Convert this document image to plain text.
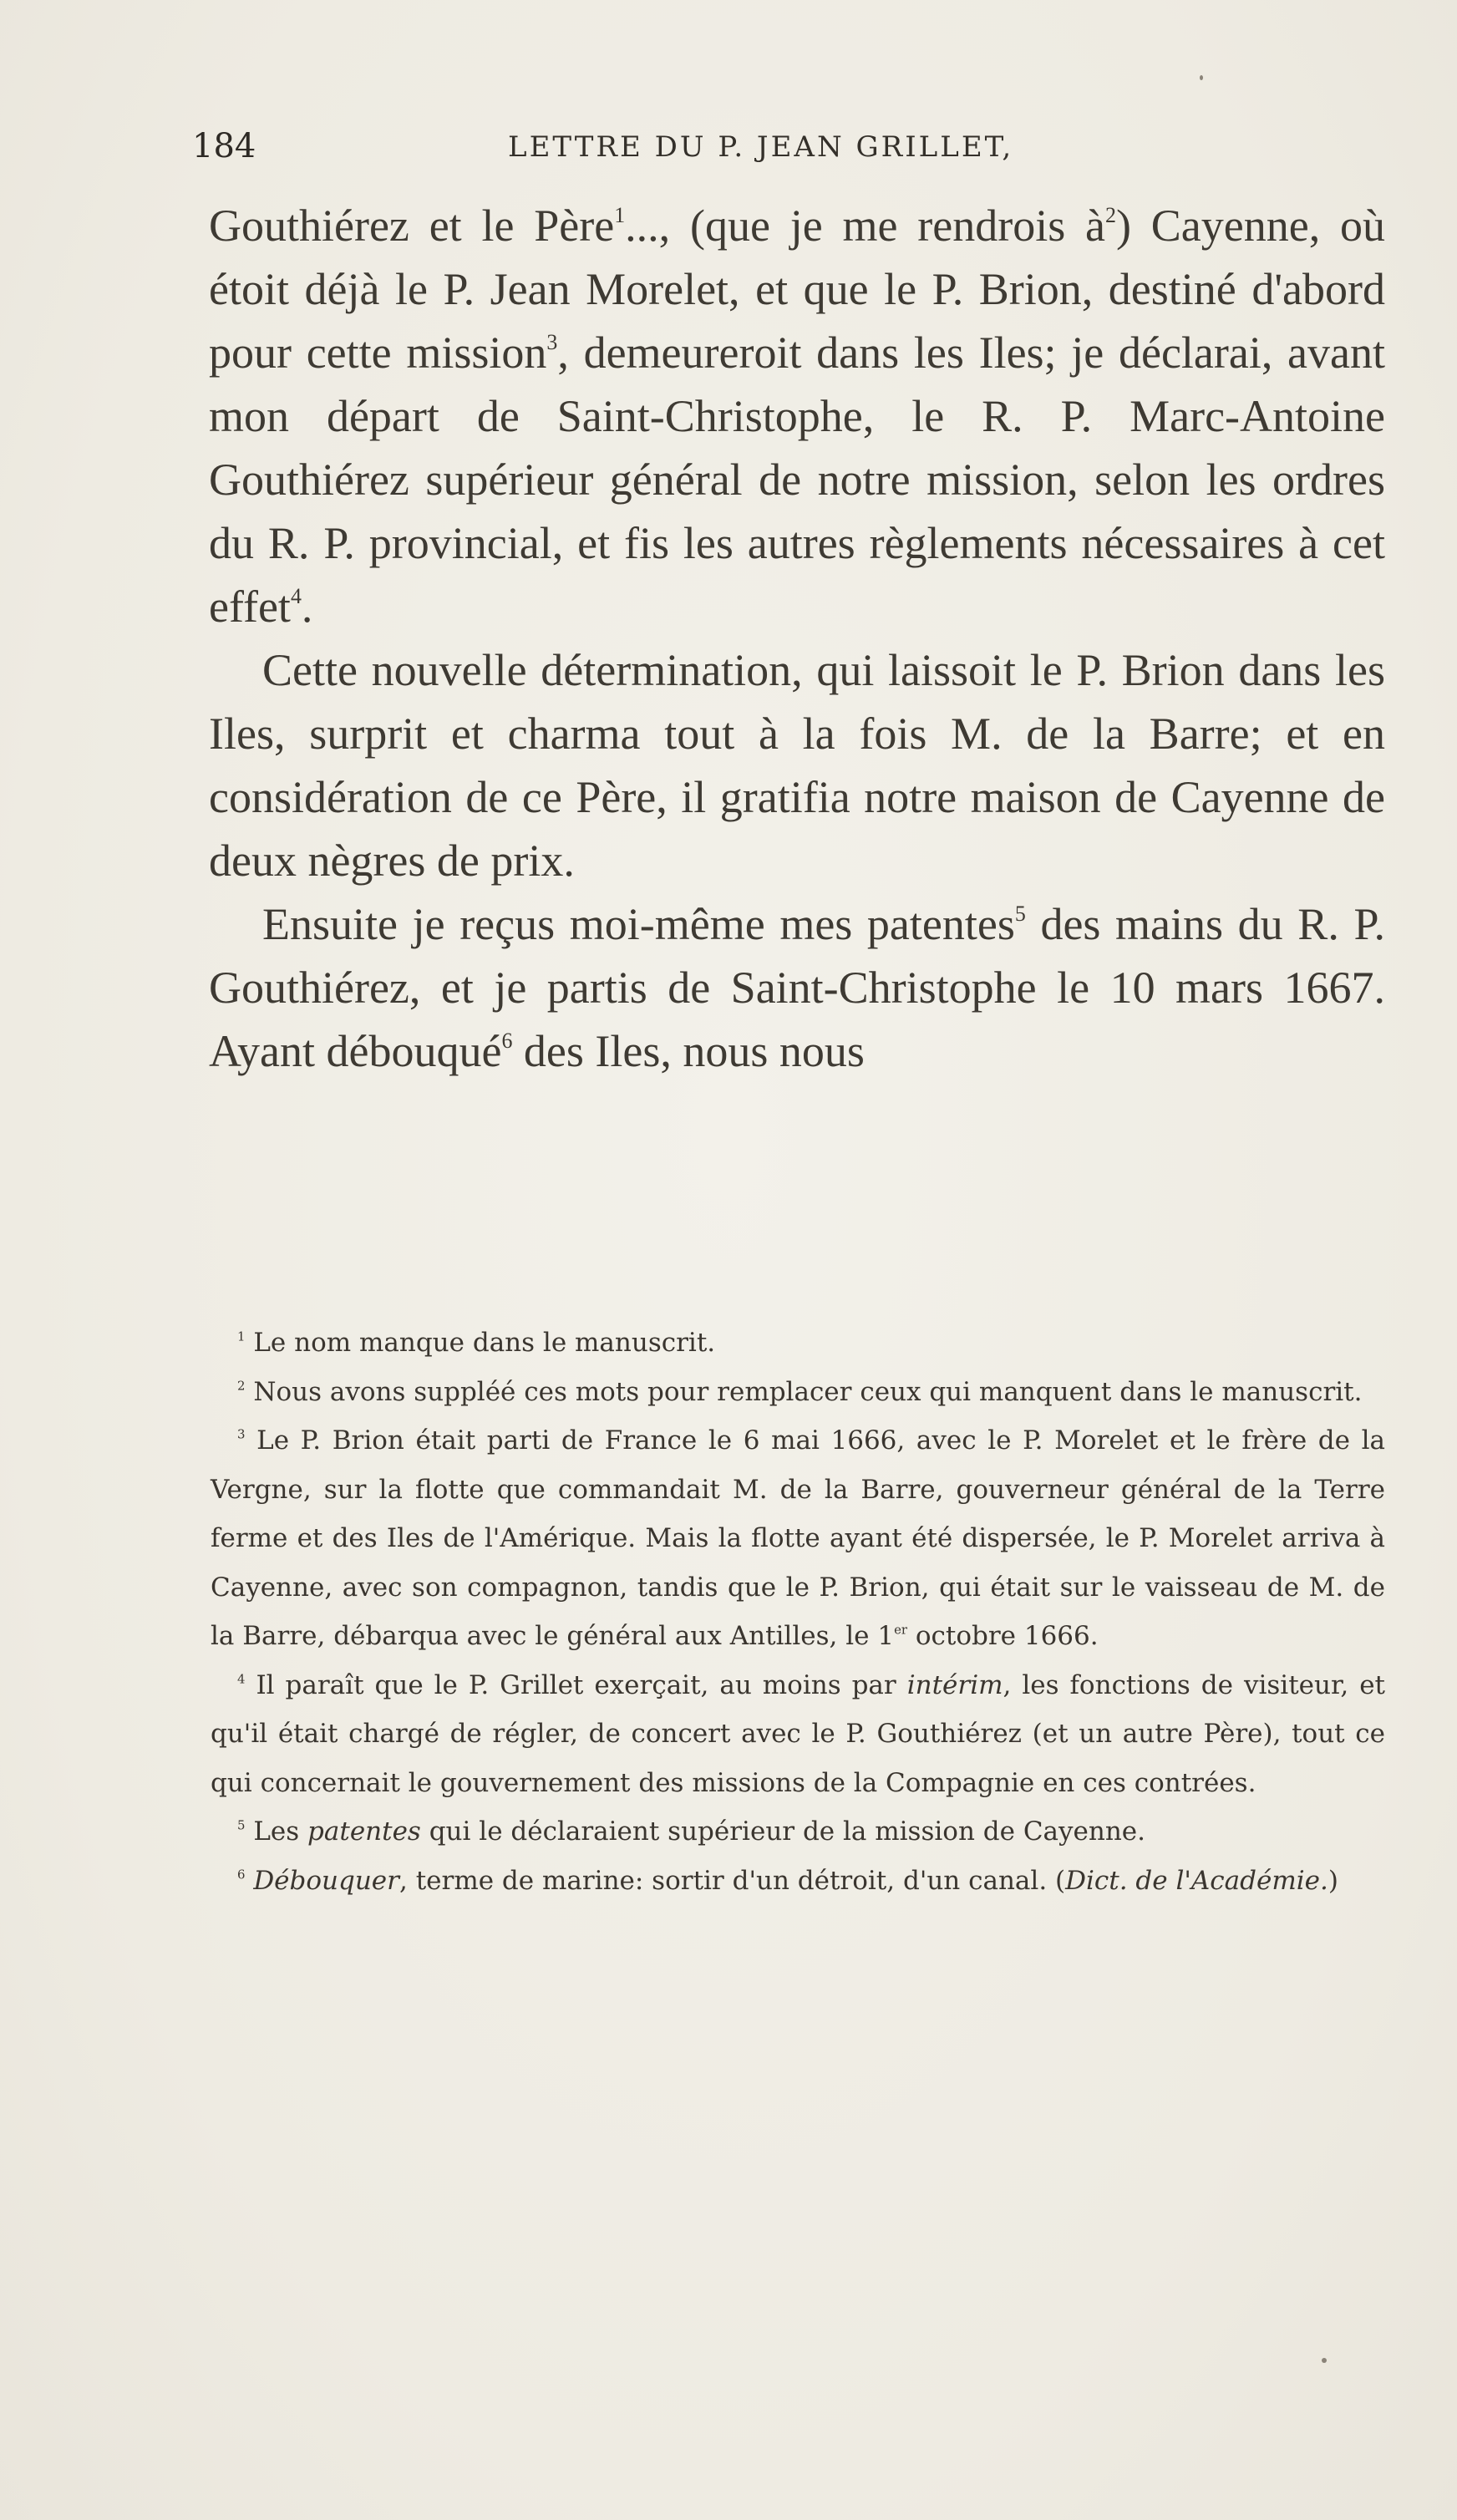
184	LETTRE DU P. JEAN GRILLET,

Gouthiérez et le Père$^1$..., (que je me rendrois $à^2$) Cayenne, où étoit déjà le P. Jean Morelet, et que le P. Brion, destiné d'abord pour cette mission$^3$, demeureroit dans les Iles; je déclarai, avant mon départ de Saint-Christophe, le R. P. Marc-Antoine Gouthiérez supérieur général de notre mission, selon les ordres du R. P. provincial, et fis les autres règlements nécessaires à cet effet$^4$.

Cette nouvelle détermination, qui laissoit le P. Brion dans les Iles, surprit et charma tout à la fois M. de la Barre; et en considération de ce Père, il gratifia notre maison de Cayenne de deux nègres de prix.

Ensuite je reçus moi-même mes patentes$^5$ des mains du R. P. Gouthiérez, et je partis de Saint-Christophe le 10 mars 1667. Ayant débouqué$^6$ des Iles, nous nous

$^1$ Le nom manque dans le manuscrit.

$^2$ Nous avons suppléé ces mots pour remplacer ceux qui manquent dans le manuscrit.

$^3$ Le P. Brion était parti de France le 6 mai 1666, avec le P. Morelet et le frère de la Vergne, sur la flotte que commandait M. de la Barre, gouverneur général de la Terre ferme et des Iles de l'Amérique. Mais la flotte ayant été dispersée, le P. Morelet arriva à Cayenne, avec son compagnon, tandis que le P. Brion, qui était sur le vaisseau de M. de la Barre, débarqua avec le général aux Antilles, le 1er octobre 1666.

$^4$ Il paraît que le P. Grillet exerçait, au moins par intérim, les fonctions de visiteur, et qu'il était chargé de régler, de concert avec le P. Gouthiérez (et un autre Père), tout ce qui concernait le gouvernement des missions de la Compagnie en ces contrées.

$^5$ Les patentes qui le déclaraient supérieur de la mission de Cayenne.

$^6$ Débouquer, terme de marine: sortir d'un détroit, d'un canal. (Dict. de l'Académie.)
